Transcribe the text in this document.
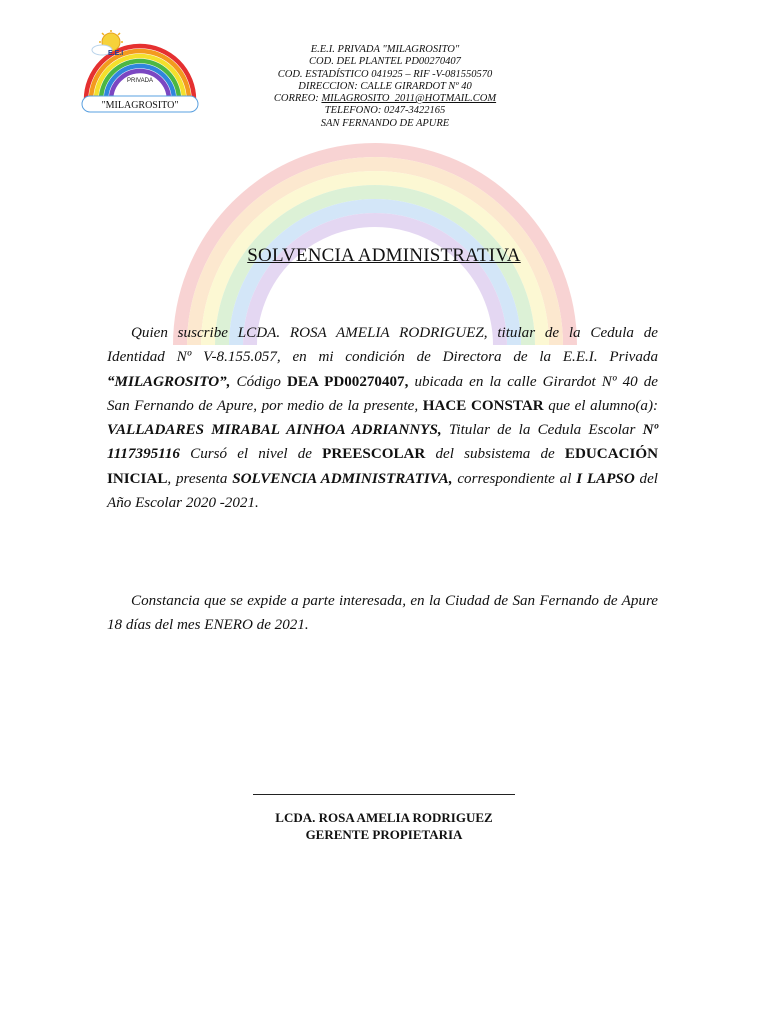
E.E.I
PRIVADA
"MILAGROSITO"
E.E.I. PRIVADA "MILAGROSITO"
COD. DEL PLANTEL PD00270407
COD. ESTADÍSTICO 041925 – RIF -V-081550570
DIRECCION: CALLE GIRARDOT Nº 40
CORREO: MILAGROSITO_2011@HOTMAIL.COM
TELEFONO: 0247-3422165
SAN FERNANDO DE APURE
SOLVENCIA ADMINISTRATIVA

Quien suscribe LCDA. ROSA AMELIA RODRIGUEZ, titular de la Cedula de Identidad Nº V-8.155.057, en mi condición de Directora de la E.E.I. Privada “MILAGROSITO”, Código DEA PD00270407, ubicada en la calle Girardot Nº 40 de San Fernando de Apure, por medio de la presente, HACE CONSTAR que el alumno(a): VALLADARES MIRABAL AINHOA ADRIANNYS, Titular de la Cedula Escolar Nº 1117395116 Cursó el nivel de PREESCOLAR del subsistema de EDUCACIÓN INICIAL, presenta SOLVENCIA ADMINISTRATIVA, correspondiente al I LAPSO del Año Escolar 2020 -2021.

Constancia que se expide a parte interesada, en la Ciudad de San Fernando de Apure 18 días del mes ENERO de 2021.

LCDA. ROSA AMELIA RODRIGUEZ
GERENTE PROPIETARIA
